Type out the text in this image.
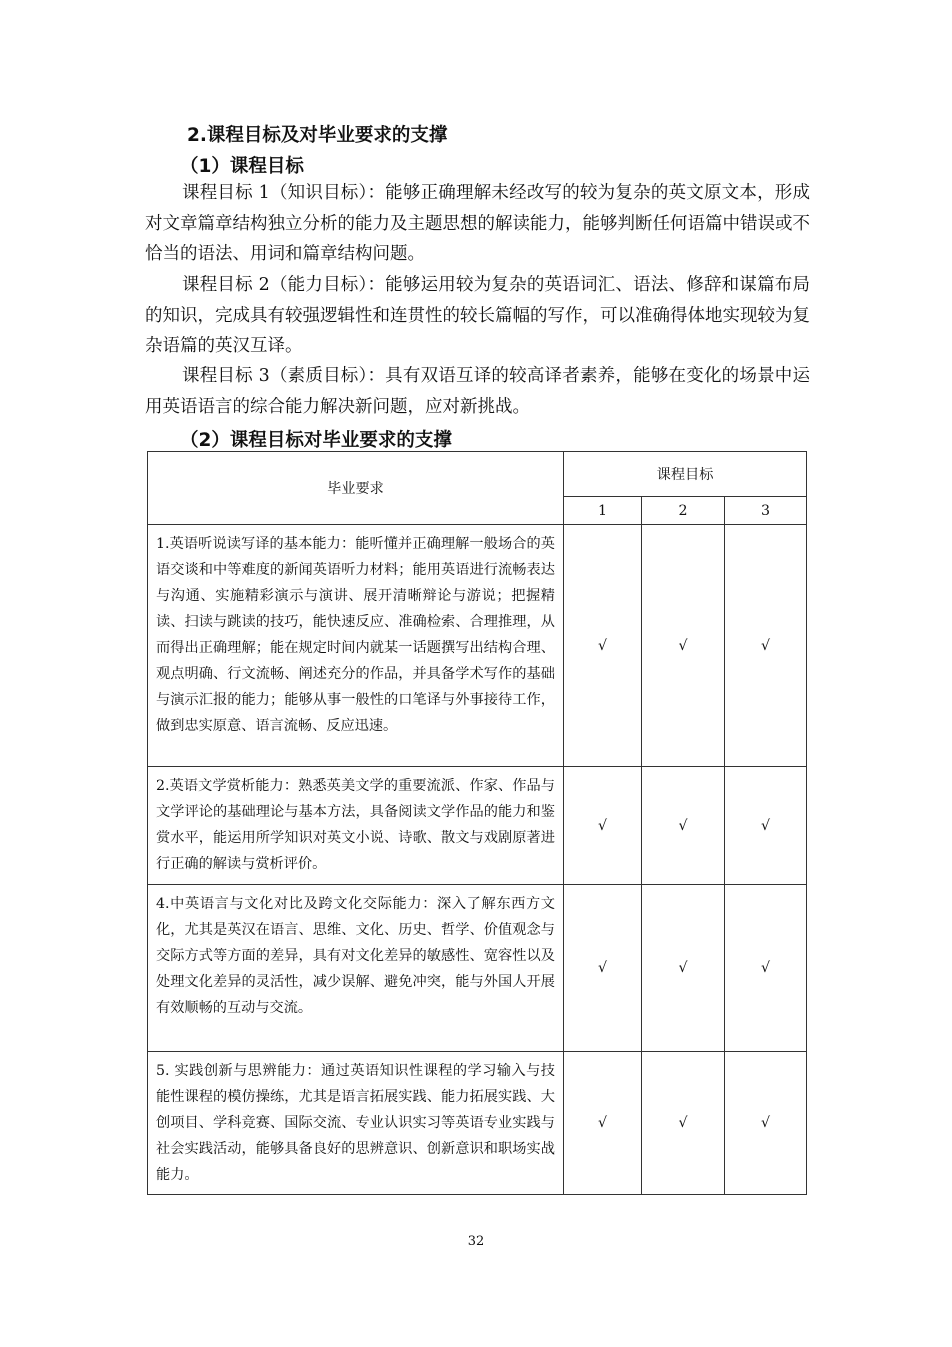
2.课程目标及对毕业要求的支撑
（1）课程目标

课程目标 1（知识目标）：能够正确理解未经改写的较为复杂的英文原文本，形成对文章篇章结构独立分析的能力及主题思想的解读能力，能够判断任何语篇中错误或不恰当的语法、用词和篇章结构问题。

课程目标 2（能力目标）：能够运用较为复杂的英语词汇、语法、修辞和谋篇布局的知识，完成具有较强逻辑性和连贯性的较长篇幅的写作，可以准确得体地实现较为复杂语篇的英汉互译。

课程目标 3（素质目标）：具有双语互译的较高译者素养，能够在变化的场景中运用英语语言的综合能力解决新问题，应对新挑战。

（2）课程目标对毕业要求的支撑
毕业要求	课程目标		
	1	2	3
1.英语听说读写译的基本能力：能听懂并正确理解一般场合的英语交谈和中等难度的新闻英语听力材料；能用英语进行流畅表达与沟通、实施精彩演示与演讲、展开清晰辩论与游说；把握精读、扫读与跳读的技巧，能快速反应、准确检索、合理推理，从而得出正确理解；能在规定时间内就某一话题撰写出结构合理、观点明确、行文流畅、阐述充分的作品，并具备学术写作的基础与演示汇报的能力；能够从事一般性的口笔译与外事接待工作，做到忠实原意、语言流畅、反应迅速。	√	√	√
2.英语文学赏析能力：熟悉英美文学的重要流派、作家、作品与文学评论的基础理论与基本方法，具备阅读文学作品的能力和鉴赏水平，能运用所学知识对英文小说、诗歌、散文与戏剧原著进行正确的解读与赏析评价。	√	√	√
4.中英语言与文化对比及跨文化交际能力：深入了解东西方文化，尤其是英汉在语言、思维、文化、历史、哲学、价值观念与交际方式等方面的差异，具有对文化差异的敏感性、宽容性以及处理文化差异的灵活性，减少误解、避免冲突，能与外国人开展有效顺畅的互动与交流。	√	√	√
5. 实践创新与思辨能力：通过英语知识性课程的学习输入与技能性课程的模仿操练，尤其是语言拓展实践、能力拓展实践、大创项目、学科竞赛、国际交流、专业认识实习等英语专业实践与社会实践活动，能够具备良好的思辨意识、创新意识和职场实战能力。	√	√	√
32
